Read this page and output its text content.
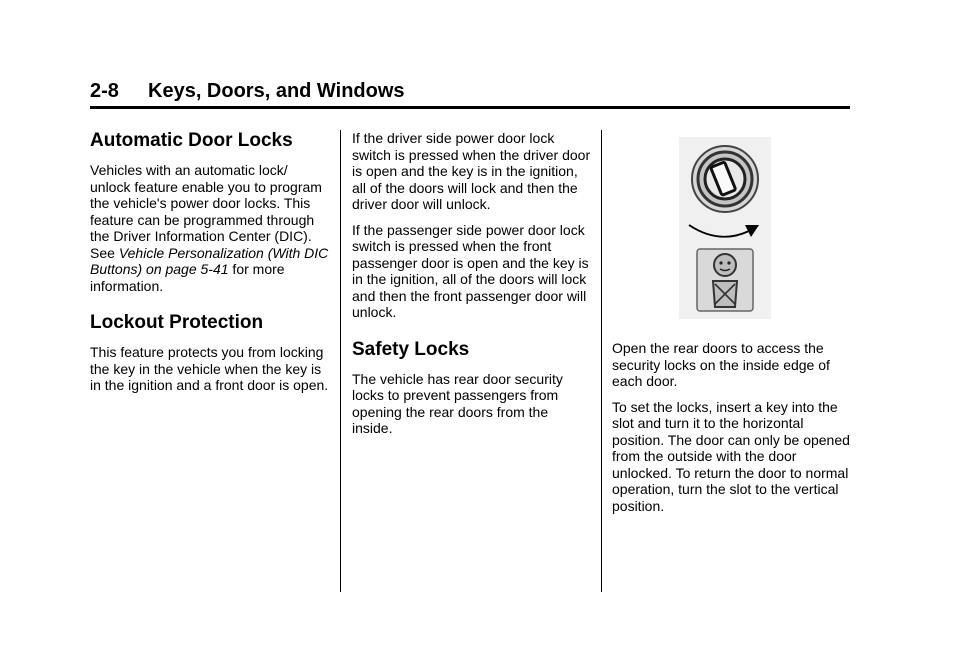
2-8 Keys, Doors, and Windows
Automatic Door Locks

Vehicles with an automatic lock/ unlock feature enable you to program the vehicle's power door locks. This feature can be programmed through the Driver Information Center (DIC). See Vehicle Personalization (With DIC Buttons) on page 5-41 for more information.

Lockout Protection

This feature protects you from locking the key in the vehicle when the key is in the ignition and a front door is open.

If the driver side power door lock switch is pressed when the driver door is open and the key is in the ignition, all of the doors will lock and then the driver door will unlock.

If the passenger side power door lock switch is pressed when the front passenger door is open and the key is in the ignition, all of the doors will lock and then the front passenger door will unlock.

Safety Locks

The vehicle has rear door security locks to prevent passengers from opening the rear doors from the inside.

Open the rear doors to access the security locks on the inside edge of each door.

To set the locks, insert a key into the slot and turn it to the horizontal position. The door can only be opened from the outside with the door unlocked. To return the door to normal operation, turn the slot to the vertical position.
